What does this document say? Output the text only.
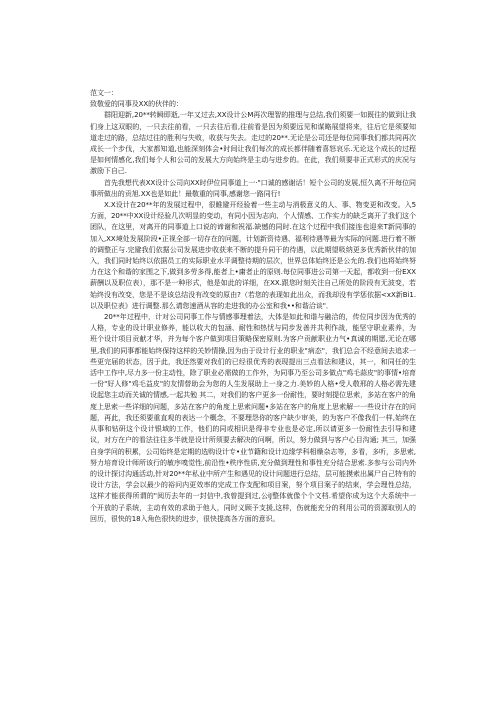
范文一：

致敬爱的同事及XX的伙伴的：

群阳迎新,20**转瞬即逝,一年又过去,XX设计公M再次理智的推理与总结,我们须要一如既往的做到让我们身上这双眼的，一只去往前看，一只去往后看,往前看是因为须要远见和谋略展望将来，往后它是须要知道走过的路，总结过往的胜利与失败，收获与失去。走过的20**.无论是公司还是每位同事我们都共同再次成长一个步伐，大家都知道,也能深刻体会•时间让我们每次的成长都伴随着喜怒哀乐.无论这个成长的过程是如何情感化,我们每个人和公司的发展大方向始终是主动与进步的。在此，我们须要非正式形式的庆况与激励下自己.

首先我想代表XX设计公司向XX时伊位同事道上一·"口诚的感谢话！短个公司的发展,恒久离不开每位同事所做出的贡旭.XX也是如此！最敬重的同事,感谢您一路同行!

X.X设计在20**年的发展过程中，很睢避开经验着一些主动与消极意义的人、事、物变更和改变。入5方面，20**中XX设计经验几次明显的变动，有同小因为志向、个人情感、工作实力的缺乏离开了我们这个团队，在这里，对离开的同事道上口说的谛谢和祝福.缺憾的同时.在这个过程中我们接连也迎来T新同事的加入,XX境处发展阶段•正视全部一切存在的问题，计划新资待遇、福利待遇等最为实际的问题.进行着不断的调整正与.完避我们依据公司发展进步收获来不断的提升同干的待遇，以此期望吸纳更多优秀新伙伴的加入，我们同时始终以依据员工的实际职业水平调整待期的层次，世界总体始终还是公允的.我们也将始终努力在这个和谐的家围之下,做到多劳多得,能者上•庸者止的原则.每位同事进公司第一天起，都收到一份EXX薪酬以及职位表），那不是一种形式，他是如此的详细，在XX.跟您时刻关注自己所处的阶段有无波变，若始终没有改变，您是不是该总结没有改变的原由?（若您的表现如此出众，而我却没有学惩依据<xX新Bi1.以及职位表》进行调整.那么请您速酒从容的走进我的办公室和我••和谐洽谈"．

20**年过程中，计对公司同事工作与情感事理着法，大体是如此和谐与融洽的，传位同步因为优秀的人格，专业的设计职业修养，能以收大的包涵、耐性和热忧与同步发善并共利作战，能坚守职业素养，为班个设计项目贡献才华，并为每个客户做到项目策略保密原则.为客户贡献职业力气•真诚的期愿,无论在哪里,我们的同事都能始终保持这样的关妙情操,因为由于设计行业的职业"病态"，我们总会不经意间去追求一些更完届的状态，因于此，我还然要对我们的已经很优秀的表现提出三点看法和建议，其一，和同任的生活中工作中,尽力多一份主动性，除了职业必需做的工作外，为同事乃至公司多做点"鸡毛蒜皮"的事情•培育一份"好人修"鸡毛益皮"的友情替助会为您的人生发展助上一身之力.美妙的人格•受人敬邢的人格必需先建设起您主动而关诚的情感,一起共勉 其二，对我们的客户更多一份耐性，要时刻提位思索，多站在客户的角度上思索一些详细的问题，多站在客户的角度上思索问题•多站在客户的角度上思索解一一些设计存在的问题，再此，我还须要重直观的表达一个概念，不要理怨你的客户缺少审美，的为客户不像我们一样,始终在从事和钻研这个设计银域的工作，他们的同或相识是得非专业也是必定,所以请更多一份耐性去引导和建议，对方在户的看法往往多半就是设计所须要去解决的问啊，所以，努力做到与客户心目沟通; 其三，加强自身学问的积累，公司始终是定期的选购设计专•业节籍和设计边缘学科相燥杂志等，多看，多听，多思索,努力培育设计师所该行的敏序嗅觉性,前沿性•秩序性质,充分做到理性和事性充分结合思索.多参与公司内外的设计探讨沟通活动,针对20**年私业中所产生和遇见的设计问题进行总结，层可能摸索出属尸自己特有的设计方法，学会以最少的裕问内更效率的完成工作支配和项目案，努个项目案子的结束，学会理性总结，这样才能获得所谓的"阅历去年的一封信中,我曾提到过,公iJ整体就像个个文档.希望你成为这个大系统中一个开放的子系统，主动有效的求助于他人，同时义顾予支援,这样，伤就能充分的利用公司的资源取别人的回历，很快的18入角色很快的进步，很快提高各方面的意识。
